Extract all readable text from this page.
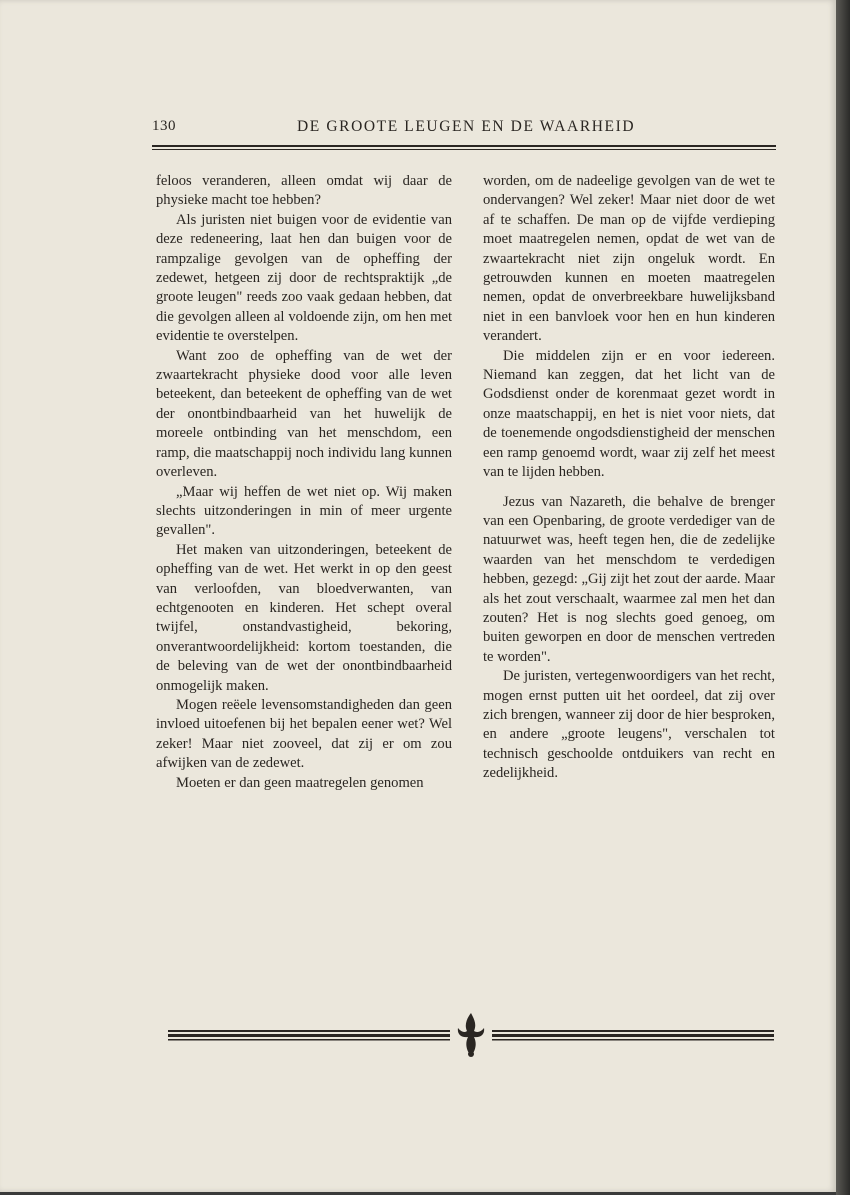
130	DE GROOTE LEUGEN EN DE WAARHEID

feloos veranderen, alleen omdat wij daar de physieke macht toe hebben?

Als juristen niet buigen voor de evidentie van deze redeneering, laat hen dan buigen voor de rampzalige gevolgen van de opheffing der zedewet, hetgeen zij door de rechtspraktijk „de groote leugen" reeds zoo vaak gedaan hebben, dat die gevolgen alleen al voldoende zijn, om hen met evidentie te overstelpen.

Want zoo de opheffing van de wet der zwaartekracht physieke dood voor alle leven beteekent, dan beteekent de opheffing van de wet der onontbindbaarheid van het huwelijk de moreele ontbinding van het menschdom, een ramp, die maatschappij noch individu lang kunnen overleven.

„Maar wij heffen de wet niet op. Wij maken slechts uitzonderingen in min of meer urgente gevallen".

Het maken van uitzonderingen, beteekent de opheffing van de wet. Het werkt in op den geest van verloofden, van bloedverwanten, van echtgenooten en kinderen. Het schept overal twijfel, onstandvastigheid, bekoring, onverantwoordelijkheid: kortom toestanden, die de beleving van de wet der onontbindbaarheid onmogelijk maken.

Mogen reëele levensomstandigheden dan geen invloed uitoefenen bij het bepalen eener wet? Wel zeker! Maar niet zooveel, dat zij er om zou afwijken van de zedewet.

Moeten er dan geen maatregelen genomen

worden, om de nadeelige gevolgen van de wet te ondervangen? Wel zeker! Maar niet door de wet af te schaffen. De man op de vijfde verdieping moet maatregelen nemen, opdat de wet van de zwaartekracht niet zijn ongeluk wordt. En getrouwden kunnen en moeten maatregelen nemen, opdat de onverbreekbare huwelijksband niet in een banvloek voor hen en hun kinderen verandert.

Die middelen zijn er en voor iedereen. Niemand kan zeggen, dat het licht van de Godsdienst onder de korenmaat gezet wordt in onze maatschappij, en het is niet voor niets, dat de toenemende ongodsdienstigheid der menschen een ramp genoemd wordt, waar zij zelf het meest van te lijden hebben.

Jezus van Nazareth, die behalve de brenger van een Openbaring, de groote verdediger van de natuurwet was, heeft tegen hen, die de zedelijke waarden van het menschdom te verdedigen hebben, gezegd: „Gij zijt het zout der aarde. Maar als het zout verschaalt, waarmee zal men het dan zouten? Het is nog slechts goed genoeg, om buiten geworpen en door de menschen vertreden te worden".

De juristen, vertegenwoordigers van het recht, mogen ernst putten uit het oordeel, dat zij over zich brengen, wanneer zij door de hier besproken, en andere „groote leugens", verschalen tot technisch geschoolde ontduikers van recht en zedelijkheid.
